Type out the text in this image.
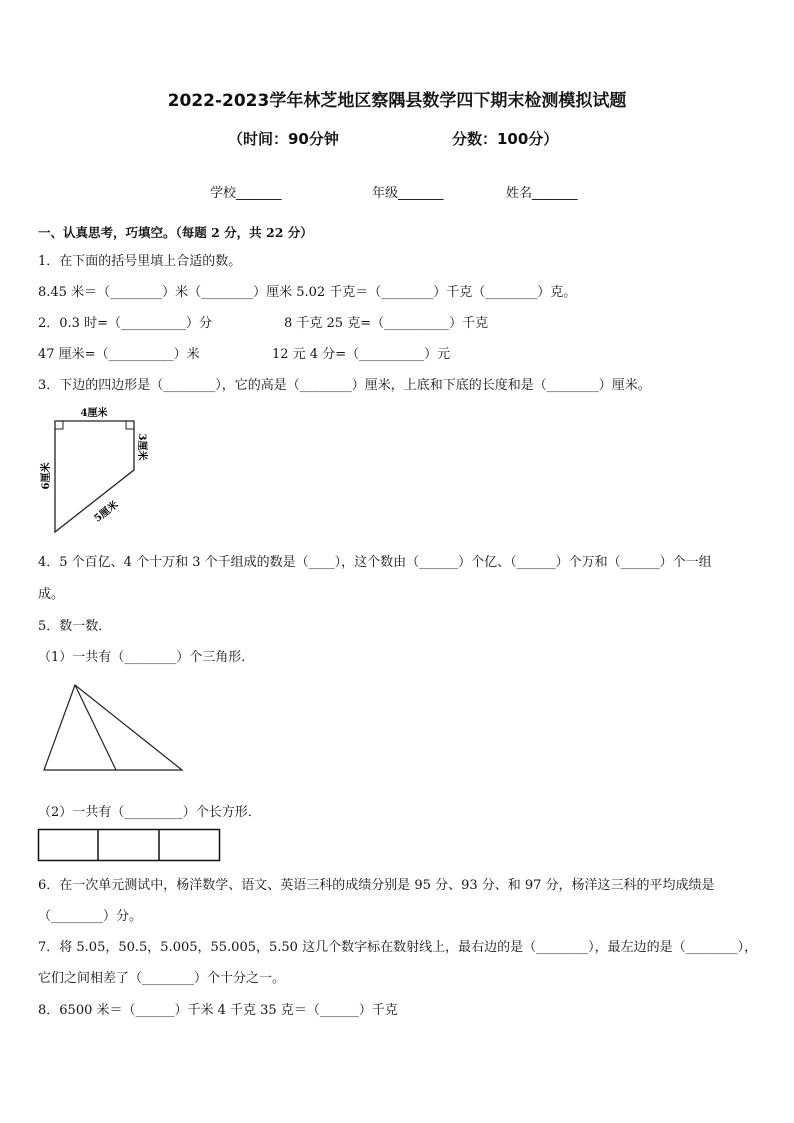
2022-2023学年林芝地区察隅县数学四下期末检测模拟试题
（时间：90分钟	分数：100分）
学校_______	年级_______	姓名_______
一、认真思考，巧填空。（每题 2 分，共 22 分）
1．在下面的括号里填上合适的数。
8.45 米＝（________）米（________）厘米 5.02 千克＝（________）千克（________）克。
2．0.3 时=（__________）分	8 千克 25 克=（__________）千克
47 厘米=（__________）米	12 元 4 分=（__________）元
3．下边的四边形是（________），它的高是（________）厘米，上底和下底的长度和是（________）厘米。
4厘米
3厘米
6厘米
5厘米
4．5 个百亿、4 个十万和 3 个千组成的数是（____），这个数由（______）个亿、（______）个万和（______）个一组
成。
5．数一数．
（1）一共有（________）个三角形．
（2）一共有（_________）个长方形．
6．在一次单元测试中，杨洋数学、语文、英语三科的成绩分别是 95 分、93 分、和 97 分，杨洋这三科的平均成绩是
（________）分。
7．将 5.05，50.5，5.005，55.005，5.50 这几个数字标在数射线上，最右边的是（________），最左边的是（________），
它们之间相差了（________）个十分之一。
8．6500 米＝（______）千米 4 千克 35 克＝（______）千克
